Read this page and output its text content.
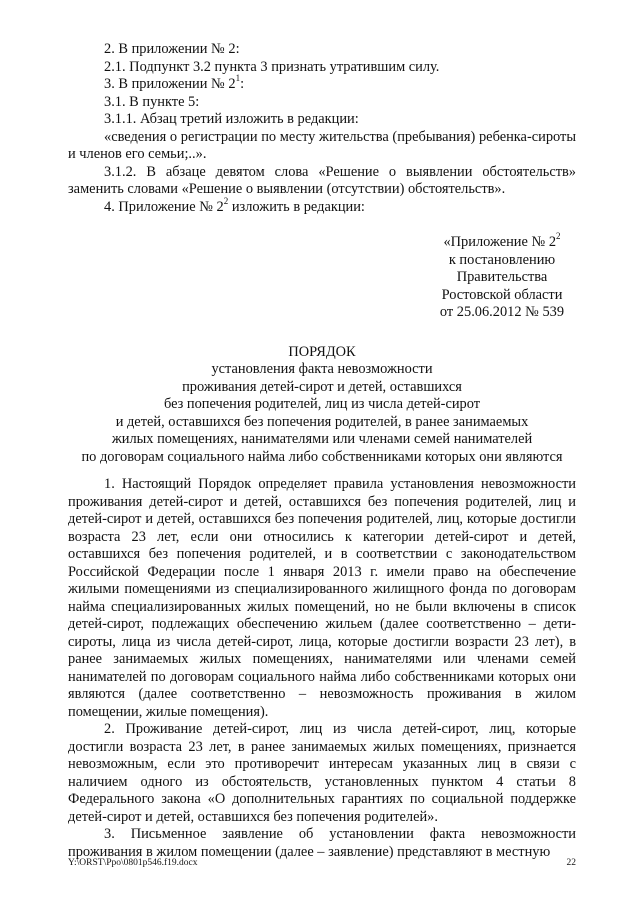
2. В приложении № 2:

2.1. Подпункт 3.2 пункта 3 признать утратившим силу.

3. В приложении № $2^1$:

3.1. В пункте 5:

3.1.1. Абзац третий изложить в редакции:

«сведения о регистрации по месту жительства (пребывания) ребенка-сироты и членов его семьи;..».

3.1.2. В абзаце девятом слова «Решение о выявлении обстоятельств» заменить словами «Решение о выявлении (отсутствии) обстоятельств».

4. Приложение № $2^2$ изложить в редакции:

«Приложение № $2^2$
к постановлению
Правительства
Ростовской области
от 25.06.2012 № 539
ПОРЯДОК
установления факта невозможности
проживания детей-сирот и детей, оставшихся
без попечения родителей, лиц из числа детей-сирот
и детей, оставшихся без попечения родителей, в ранее занимаемых
жилых помещениях, нанимателями или членами семей нанимателей
по договорам социального найма либо собственниками которых они являются

1. Настоящий Порядок определяет правила установления невозможности проживания детей-сирот и детей, оставшихся без попечения родителей, лиц и детей-сирот и детей, оставшихся без попечения родителей, лиц, которые достигли возраста 23 лет, если они относились к категории детей-сирот и детей, оставшихся без попечения родителей, и в соответствии с законодательством Российской Федерации после 1 января 2013 г. имели право на обеспечение жилыми помещениями из специализированного жилищного фонда по договорам найма специализированных жилых помещений, но не были включены в список детей-сирот, подлежащих обеспечению жильем (далее соответственно – дети-сироты, лица из числа детей-сирот, лица, которые достигли возрасти 23 лет), в ранее занимаемых жилых помещениях, нанимателями или членами семей нанимателей по договорам социального найма либо собственниками которых они являются (далее соответственно – невозможность проживания в жилом помещении, жилые помещения).

2. Проживание детей-сирот, лиц из числа детей-сирот, лиц, которые достигли возраста 23 лет, в ранее занимаемых жилых помещениях, признается невозможным, если это противоречит интересам указанных лиц в связи с наличием одного из обстоятельств, установленных пунктом 4 статьи 8 Федерального закона «О дополнительных гарантиях по социальной поддержке детей-сирот и детей, оставшихся без попечения родителей».

3. Письменное заявление об установлении факта невозможности проживания в жилом помещении (далее – заявление) представляют в местную

Y:\ORST\Ppo\0801p546.f19.docx	22
